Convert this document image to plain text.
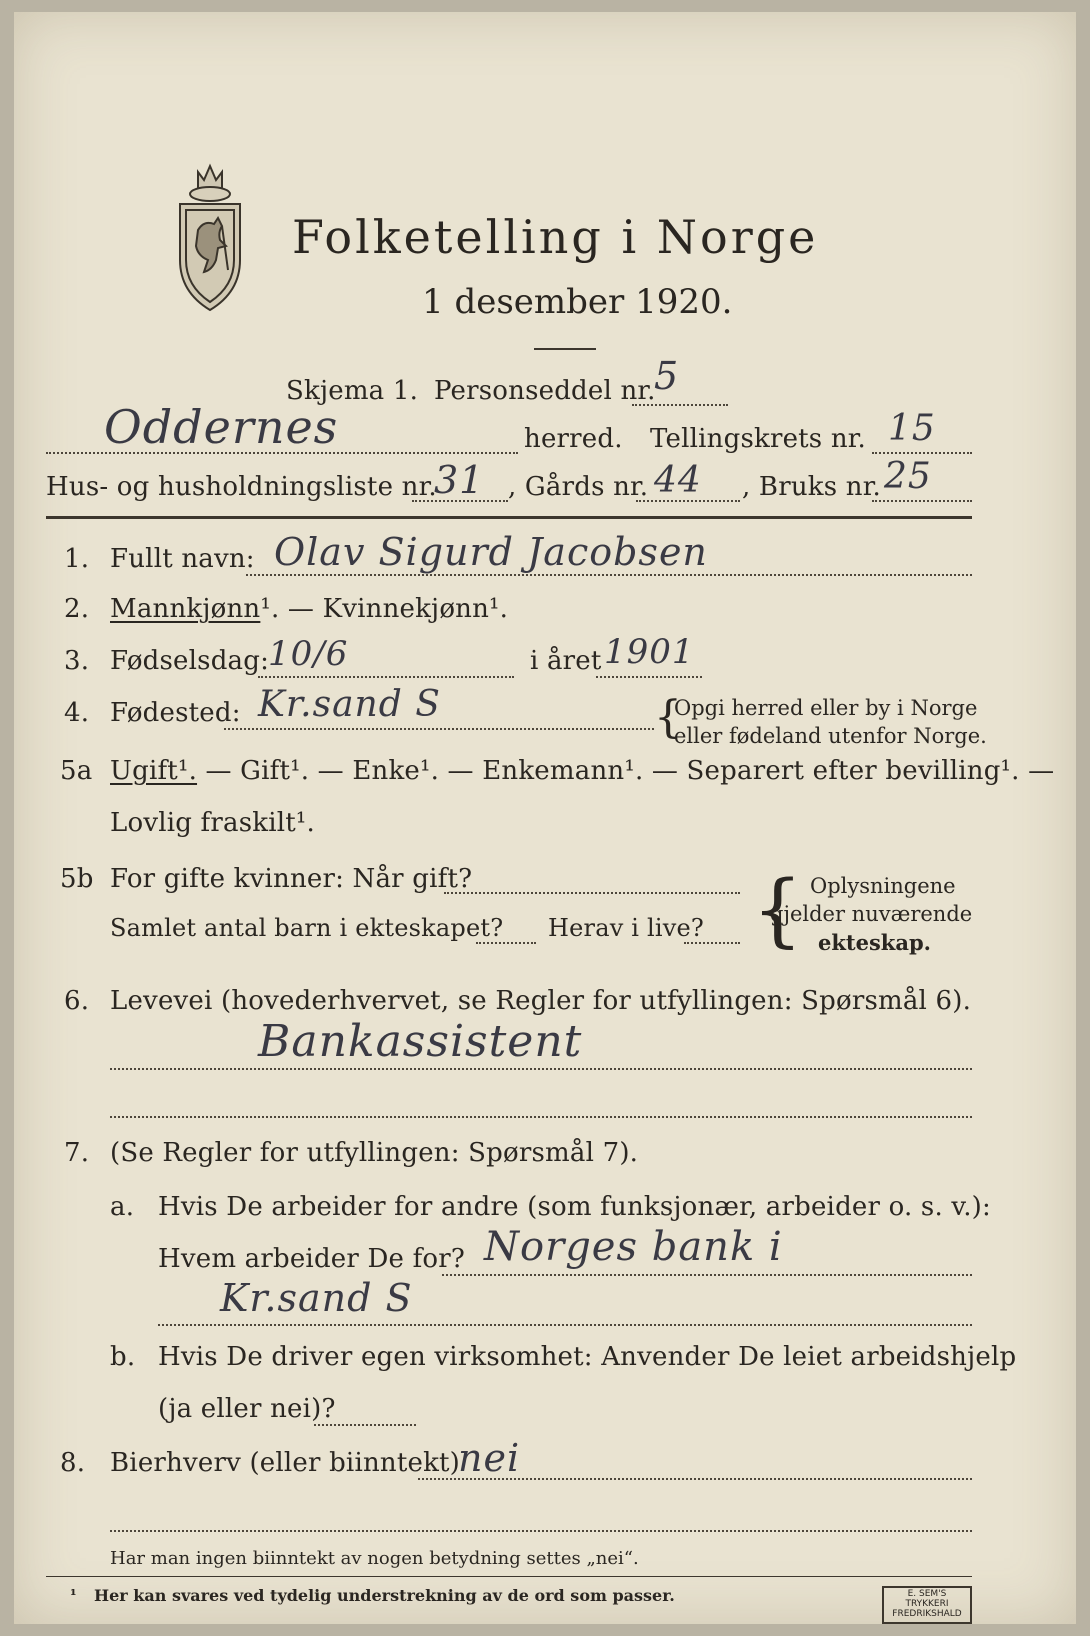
Folketelling i Norge
1 desember 1920.
Skjema 1. Personseddel nr.
5
Oddernes	herred. Tellingskrets nr. 15
Hus- og husholdningsliste nr.
31 , Gårds nr. 44 , Bruks nr. 25
1. Fullt navn: Olav Sigurd Jacobsen
2. Mannkjønn¹. — Kvinnekjønn¹.
3. Fødselsdag:
10/6	i året 1901
4. Fødested: Kr.sand S	{
Opgi herred eller by i Norge
eller fødeland utenfor Norge.
5a Ugift¹. — Gift¹. — Enke¹. — Enkemann¹. — Separert efter bevilling¹. —
Lovlig fraskilt¹.
5b For gifte kvinner: Når gift?
Samlet antal barn i ekteskapet? Herav i live? { Oplysningene
gjelder nuværende
ekteskap.
6. Levevei (hovederhvervet, se Regler for utfyllingen: Spørsmål 6).
Bankassistent
7. (Se Regler for utfyllingen: Spørsmål 7).
a. Hvis De arbeider for andre (som funksjonær, arbeider o. s. v.):
Hvem arbeider De for? Norges bank i
Kr.sand S
b. Hvis De driver egen virksomhet: Anvender De leiet arbeidshjelp
(ja eller nei)?
8. Bierhverv (eller biinntekt)
nei
Har man ingen biinntekt av nogen betydning settes „nei“.
¹ Her kan svares ved tydelig understrekning av de ord som passer.	E. SEM'S TRYKKERI FREDRIKSHALD
